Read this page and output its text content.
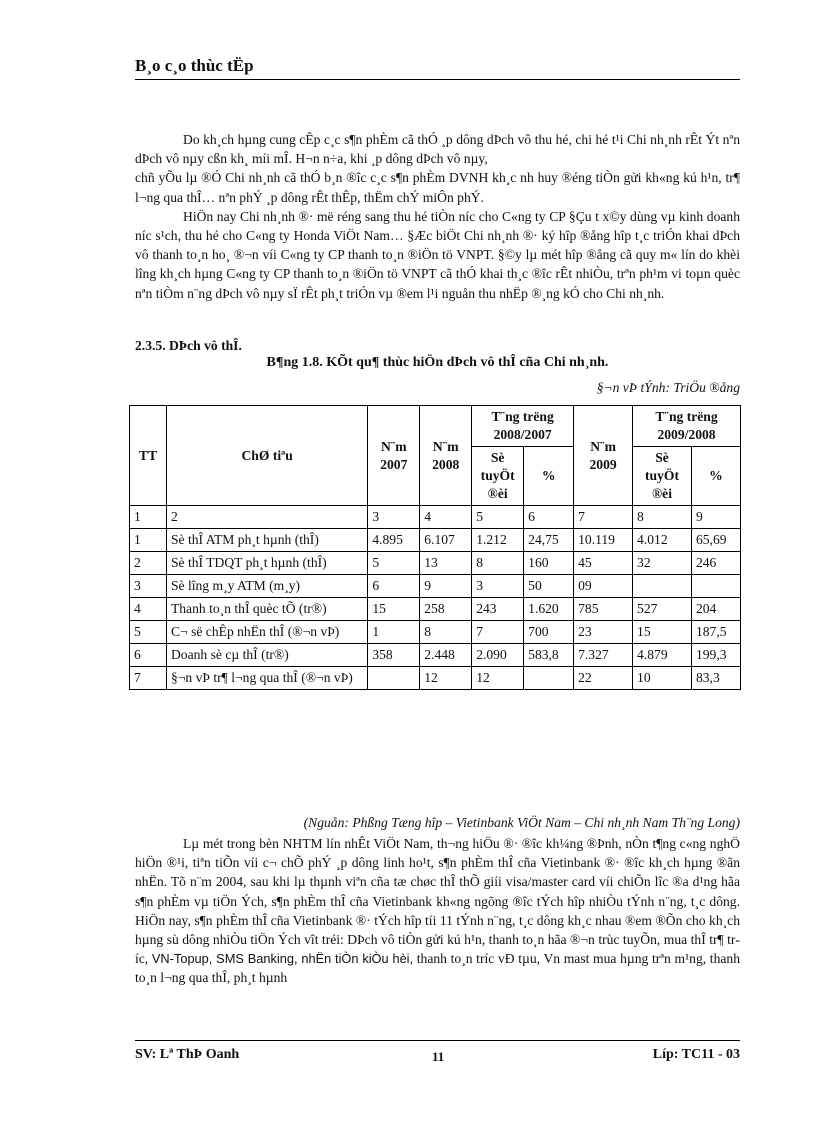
B¸o c¸o thùc tËp
Do kh¸ch hµng cung cÊp c¸c s¶n phÈm cã thÓ ¸p dông dÞch vô thu hé, chi hé t¹i Chi nh¸nh rÊt Ýt nªn dÞch vô nµy cßn kh¸ míi mÎ. H¬n n÷a, khi ¸p dông dÞch vô nµy,
chñ yÕu lµ ®Ó Chi nh¸nh cã thÓ b¸n ®îc c¸c s¶n phÈm DVNH kh¸c nh huy ®éng tiÒn gửi kh«ng kú h¹n, tr¶ l¬ng qua thÎ… nªn phÝ ¸p dông rÊt thÊp, thËm chÝ miÔn phÝ.
HiÖn nay Chi nh¸nh ®· më réng sang thu hé tiÒn níc cho C«ng ty CP §Çu t x©y dùng vµ kinh doanh níc s¹ch, thu hé cho C«ng ty Honda ViÖt Nam… §Æc biÖt Chi nh¸nh ®· ký hîp ®ång hîp t¸c triÓn khai dÞch vô thanh to¸n ho¸ ®¬n víi C«ng ty CP thanh to¸n ®iÖn tö VNPT. §©y lµ mét hîp ®ång cã quy m« lín do khèi lîng kh¸ch hµng C«ng ty CP thanh to¸n ®iÖn tö VNPT cã thÓ khai th¸c ®îc rÊt nhiÒu, trªn ph¹m vi toµn quèc nªn tiÒm n¨ng dÞch vô nµy sÏ rÊt ph¸t triÓn vµ ®em l¹i nguån thu nhËp ®¸ng kÓ cho Chi nh¸nh.
2.3.5. DÞch vô thÎ.
B¶ng 1.8. KÕt qu¶ thùc hiÖn dÞch vô thÎ cña Chi nh¸nh.
§¬n vÞ tÝnh: TriÖu ®ång
TT	ChØ tiªu	N¨m 2007	N¨m 2008	T¨ng trëng 2008/2007		N¨m 2009	T¨ng trëng 2009/2008	
				Sè tuyÖt ®èi	%		Sè tuyÖt ®èi	%
1	2	3	4	5	6	7	8	9
1	Sè thÎ ATM ph¸t hµnh (thÎ)	4.895	6.107	1.212	24,75	10.119	4.012	65,69
2	Sè thÎ TDQT ph¸t hµnh (thÎ)	5	13	8	160	45	32	246
3	Sè lîng m¸y ATM (m¸y)	6	9	3	50	09		
4	Thanh to¸n thÎ quèc tÕ (tr®)	15	258	243	1.620	785	527	204
5	C¬ së chÊp nhËn thÎ (®¬n vÞ)	1	8	7	700	23	15	187,5
6	Doanh sè cµ thÎ (tr®)	358	2.448	2.090	583,8	7.327	4.879	199,3
7	§¬n vÞ tr¶ l¬ng qua thÎ (®¬n vÞ)		12	12		22	10	83,3
(Nguån: Phßng Tæng hîp – Vietinbank ViÖt Nam – Chi nh¸nh Nam Th¨ng Long)
Lµ mét trong bèn NHTM lín nhÊt ViÖt Nam, th¬ng hiÖu ®· ®îc kh¼ng ®Þnh, nÒn t¶ng c«ng nghÖ hiÖn ®¹i, tiªn tiÕn víi c¬ chÕ phÝ ¸p dông linh ho¹t, s¶n phÈm thÎ cña Vietinbank ®· ®îc kh¸ch hµng ®ãn nhËn. Tõ n¨m 2004, sau khi lµ thµnh viªn cña tæ chøc thÎ thÕ giíi visa/master card víi chiÕn lîc ®a d¹ng hãa s¶n phÈm vµ tiÖn Ých, s¶n phÈm thÎ cña Vietinbank kh«ng ngõng ®îc tÝch hîp nhiÒu tÝnh n¨ng, t¸c dông. HiÖn nay, s¶n phÈm thÎ cña Vietinbank ®· tÝch hîp tíi 11 tÝnh n¨ng, t¸c dông kh¸c nhau ®em ®Õn cho kh¸ch hµng sù dông nhiÒu tiÖn Ých vît tréi: DÞch vô tiÒn gửi kú h¹n, thanh to¸n hãa ®¬n trùc tuyÕn, mua thÎ tr¶ tríc, VN-Topup, SMS Banking, nhËn tiÒn kiÒu hèi, thanh to¸n tríc vÐ tµu, Vn mast mua hµng trªn m¹ng, thanh to¸n l¬ng qua thÎ, ph¸t hµnh
SV: Lª ThÞ Oanh	11	Líp: TC11 - 03
